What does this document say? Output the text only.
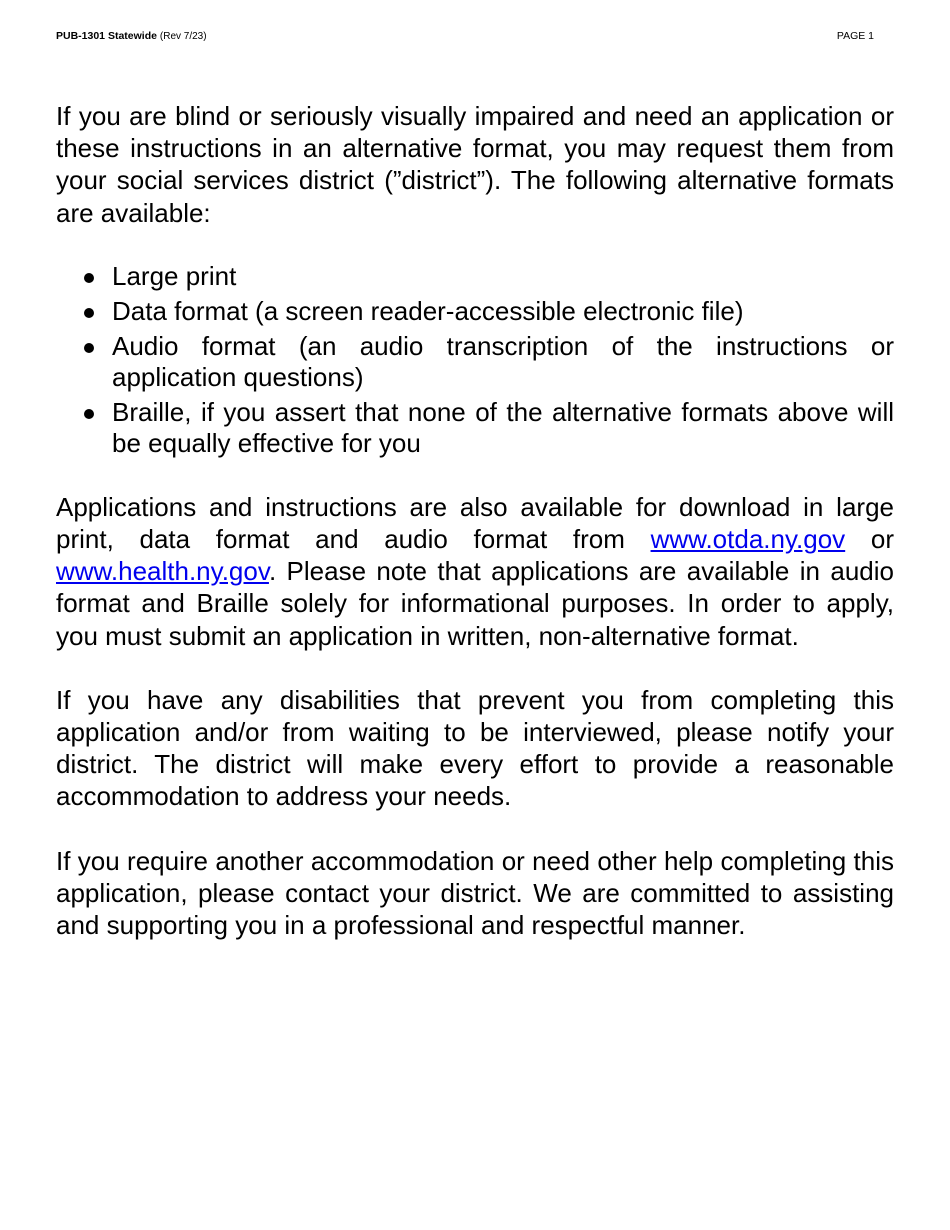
PUB-1301 Statewide (Rev 7/23)	PAGE 1

If you are blind or seriously visually impaired and need an application or these instructions in an alternative format, you may request them from your social services district (”district”). The following alternative formats are available:

Large print
Data format (a screen reader-accessible electronic file)
Audio format (an audio transcription of the instructions or application questions)
Braille, if you assert that none of the alternative formats above will be equally effective for you

Applications and instructions are also available for download in large print, data format and audio format from www.otda.ny.gov or www.health.ny.gov. Please note that applications are available in audio format and Braille solely for informational purposes. In order to apply, you must submit an application in written, non-alternative format.

If you have any disabilities that prevent you from completing this application and/or from waiting to be interviewed, please notify your district. The district will make every effort to provide a reasonable accommodation to address your needs.

If you require another accommodation or need other help completing this application, please contact your district. We are committed to assisting and supporting you in a professional and respectful manner.
